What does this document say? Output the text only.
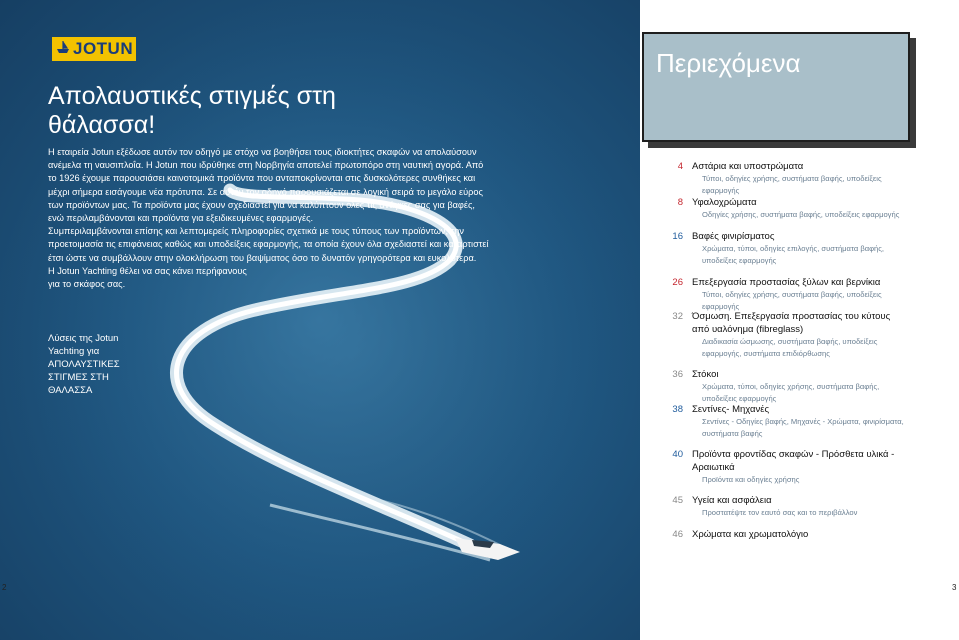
JOTUN
Απολαυστικές στιγμές στη θάλασσα!

Η εταιρεία Jotun εξέδωσε αυτόν τον οδηγό με στόχο να βοηθήσει τους ιδιοκτήτες σκαφών να απολαύσουν ανέμελα τη ναυσιπλοΐα. Η Jotun που ιδρύθηκε στη Νορβηγία αποτελεί πρωτοπόρο στη ναυτική αγορά. Από το 1926 έχουμε παρουσιάσει καινοτομικά προϊόντα που ανταποκρίνονται στις δυσκολότερες συνθήκες και μέχρι σήμερα εισάγουμε νέα πρότυπα. Σε αυτόν τον οδηγό παρουσιάζεται σε λογική σειρά το μεγάλο εύρος των προϊόντων μας. Τα προϊόντα μας έχουν σχεδιαστεί για να καλύπτουν όλες τις ανάγκες σας για βαφές, ενώ περιλαμβάνονται και προϊόντα για εξειδικευμένες εφαρμογές.

Συμπεριλαμβάνονται επίσης και λεπτομερείς πληροφορίες σχετικά με τους τύπους των προϊόντων, την προετοιμασία τις επιφάνειας καθώς και υποδείξεις εφαρμογής, τα οποία έχουν όλα σχεδιαστεί και καταρτιστεί έτσι ώστε να συμβάλλουν στην ολοκλήρωση του βαψίματος όσο το δυνατόν γρηγορότερα και ευκολότερα.

Η Jotun Yachting θέλει να σας κάνει περήφανους

για το σκάφος σας.

Λύσεις της Jotun Yachting για ΑΠΟΛΑΥΣΤΙΚΕΣ ΣΤΙΓΜΕΣ ΣΤΗ ΘΑΛΑΣΣΑ
2
Περιεχόμενα
4 Αστάρια και υποστρώματα
Τύποι, οδηγίες χρήσης, συστήματα βαφής, υποδείξεις εφαρμογής
8 Υφαλοχρώματα
Οδηγίες χρήσης, συστήματα βαφής, υποδείξεις εφαρμογής
16 Βαφές φινιρίσματος
Χρώματα, τύποι, οδηγίες επιλογής, συστήματα βαφής, υποδείξεις εφαρμογής
26 Επεξεργασία προστασίας ξύλων και βερνίκια
Τύποι, οδηγίες χρήσης, συστήματα βαφής, υποδείξεις εφαρμογής
32 Όσμωση. Επεξεργασία προστασίας του κύτους από υαλόνημα (fibreglass)
Διαδικασία ώσμωσης, συστήματα βαφής, υποδείξεις εφαρμογής, συστήματα επιδιόρθωσης
36 Στόκοι
Χρώματα, τύποι, οδηγίες χρήσης, συστήματα βαφής, υποδείξεις εφαρμογής
38 Σεντίνες- Μηχανές
Σεντίνες - Οδηγίες βαφής, Μηχανές - Χρώματα, φινιρίσματα, συστήματα βαφής
40 Προϊόντα φροντίδας σκαφών - Πρόσθετα υλικά - Αραιωτικά
Προϊόντα και οδηγίες χρήσης
45 Υγεία και ασφάλεια
Προστατέψτε τον εαυτό σας και το περιβάλλον
46 Χρώματα και χρωματολόγιο
3
